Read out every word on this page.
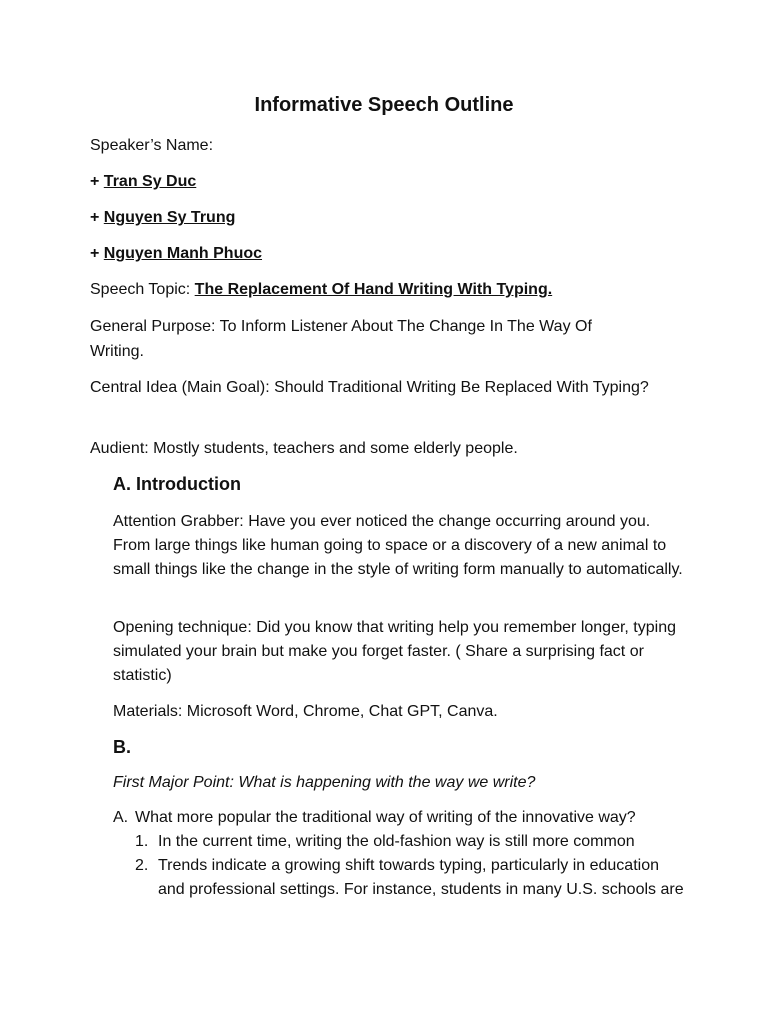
Informative Speech Outline
Speaker’s Name:
+ Tran Sy Duc
+ Nguyen Sy Trung
+ Nguyen Manh Phuoc
Speech Topic: The Replacement Of Hand Writing With Typing.
General Purpose: To Inform Listener About The Change In The Way Of Writing.
Central Idea (Main Goal): Should Traditional Writing Be Replaced With Typing?
Audient: Mostly students, teachers and some elderly people.
A. Introduction
Attention Grabber: Have you ever noticed the change occurring around you. From large things like human going to space or a discovery of a new animal to small things like the change in the style of writing form manually to automatically.
Opening technique: Did you know that writing help you remember longer, typing simulated your brain but make you forget faster. ( Share a surprising fact or statistic)
Materials: Microsoft Word, Chrome, Chat GPT, Canva.
B.
First Major Point: What is happening with the way we write?
A. What more popular the traditional way of writing of the innovative way?
1. In the current time, writing the old-fashion way is still more common
2. Trends indicate a growing shift towards typing, particularly in education and professional settings. For instance, students in many U.S. schools are
